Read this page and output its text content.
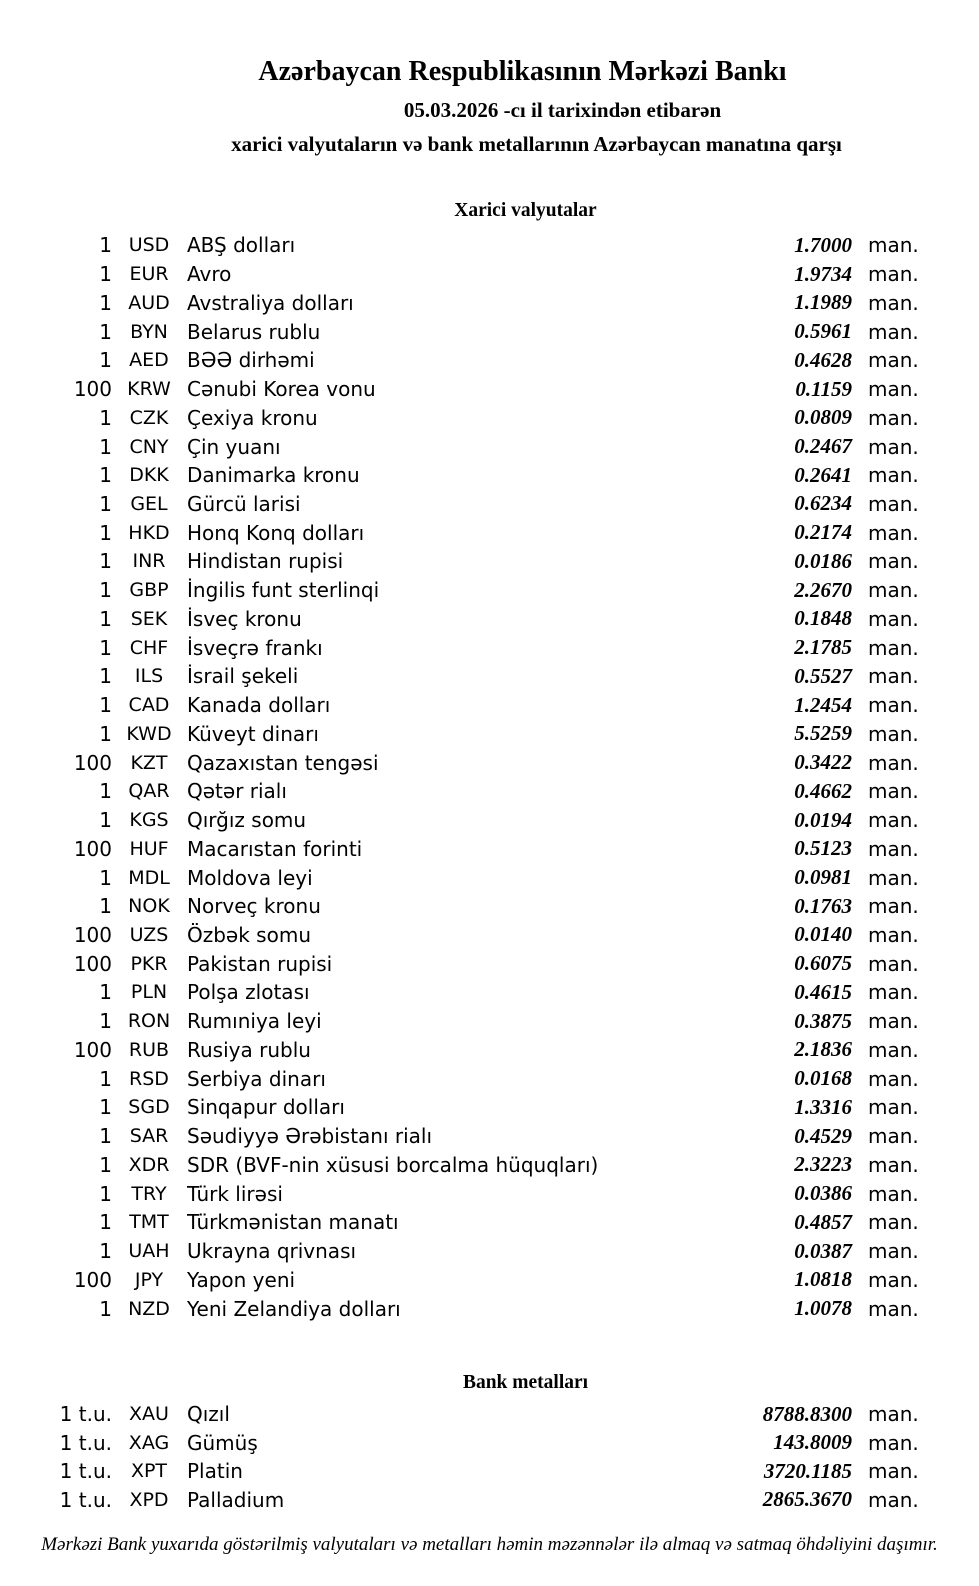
Azərbaycan Respublikasının Mərkəzi Bankı
05.03.2026 -cı il tarixindən etibarən
xarici valyutaların və bank metallarının Azərbaycan manatına qarşı
Xarici valyutalar
1 USD ABŞ dolları	1.7000 man.
1 EUR Avro	1.9734 man.
1 AUD Avstraliya dolları	1.1989 man.
1 BYN Belarus rublu	0.5961 man.
1 AED BƏƏ dirhəmi	0.4628 man.
100 KRW Cənubi Korea vonu	0.1159 man.
1 CZK Çexiya kronu	0.0809 man.
1 CNY Çin yuanı	0.2467 man.
1 DKK Danimarka kronu	0.2641 man.
1 GEL Gürcü larisi	0.6234 man.
1 HKD Honq Konq dolları	0.2174 man.
1	INR	Hindistan rupisi	0.0186 man.
1 GBP İngilis funt sterlinqi	2.2670 man.
1 SEK İsveç kronu	0.1848 man.
1 CHF İsveçrə frankı	2.1785 man.
1	ILS	İsrail şekeli	0.5527 man.
1 CAD Kanada dolları	1.2454 man.
1 KWD Küveyt dinarı	5.5259 man.
100 KZT Qazaxıstan tengəsi	0.3422 man.
1 QAR Qətər rialı	0.4662 man.
1 KGS Qırğız somu	0.0194 man.
100 HUF Macarıstan forinti	0.5123 man.
1 MDL Moldova leyi	0.0981 man.
1 NOK Norveç kronu	0.1763 man.
100 UZS Özbək somu	0.0140 man.
100 PKR Pakistan rupisi	0.6075 man.
1 PLN Polşa zlotası	0.4615 man.
1 RON Rumıniya leyi	0.3875 man.
100 RUB Rusiya rublu	2.1836 man.
1 RSD Serbiya dinarı	0.0168 man.
1 SGD Sinqapur dolları	1.3316 man.
1 SAR Səudiyyə Ərəbistanı rialı	0.4529 man.
1 XDR SDR (BVF-nin xüsusi borcalma hüquqları)	2.3223 man.
1	TRY	Türk lirəsi	0.0386 man.
1 TMT Türkmənistan manatı	0.4857 man.
1 UAH Ukrayna qrivnası	0.0387 man.
100	JPY	Yapon yeni	1.0818 man.
1 NZD Yeni Zelandiya dolları	1.0078 man.
Bank metalları
1 t.u. XAU Qızıl	8788.8300 man.
1 t.u. XAG Gümüş	143.8009 man.
1 t.u. XPT Platin	3720.1185 man.
1 t.u. XPD Palladium	2865.3670 man.
Mərkəzi Bank yuxarıda göstərilmiş valyutaları və metalları həmin məzənnələr ilə almaq və satmaq öhdəliyini daşımır.
